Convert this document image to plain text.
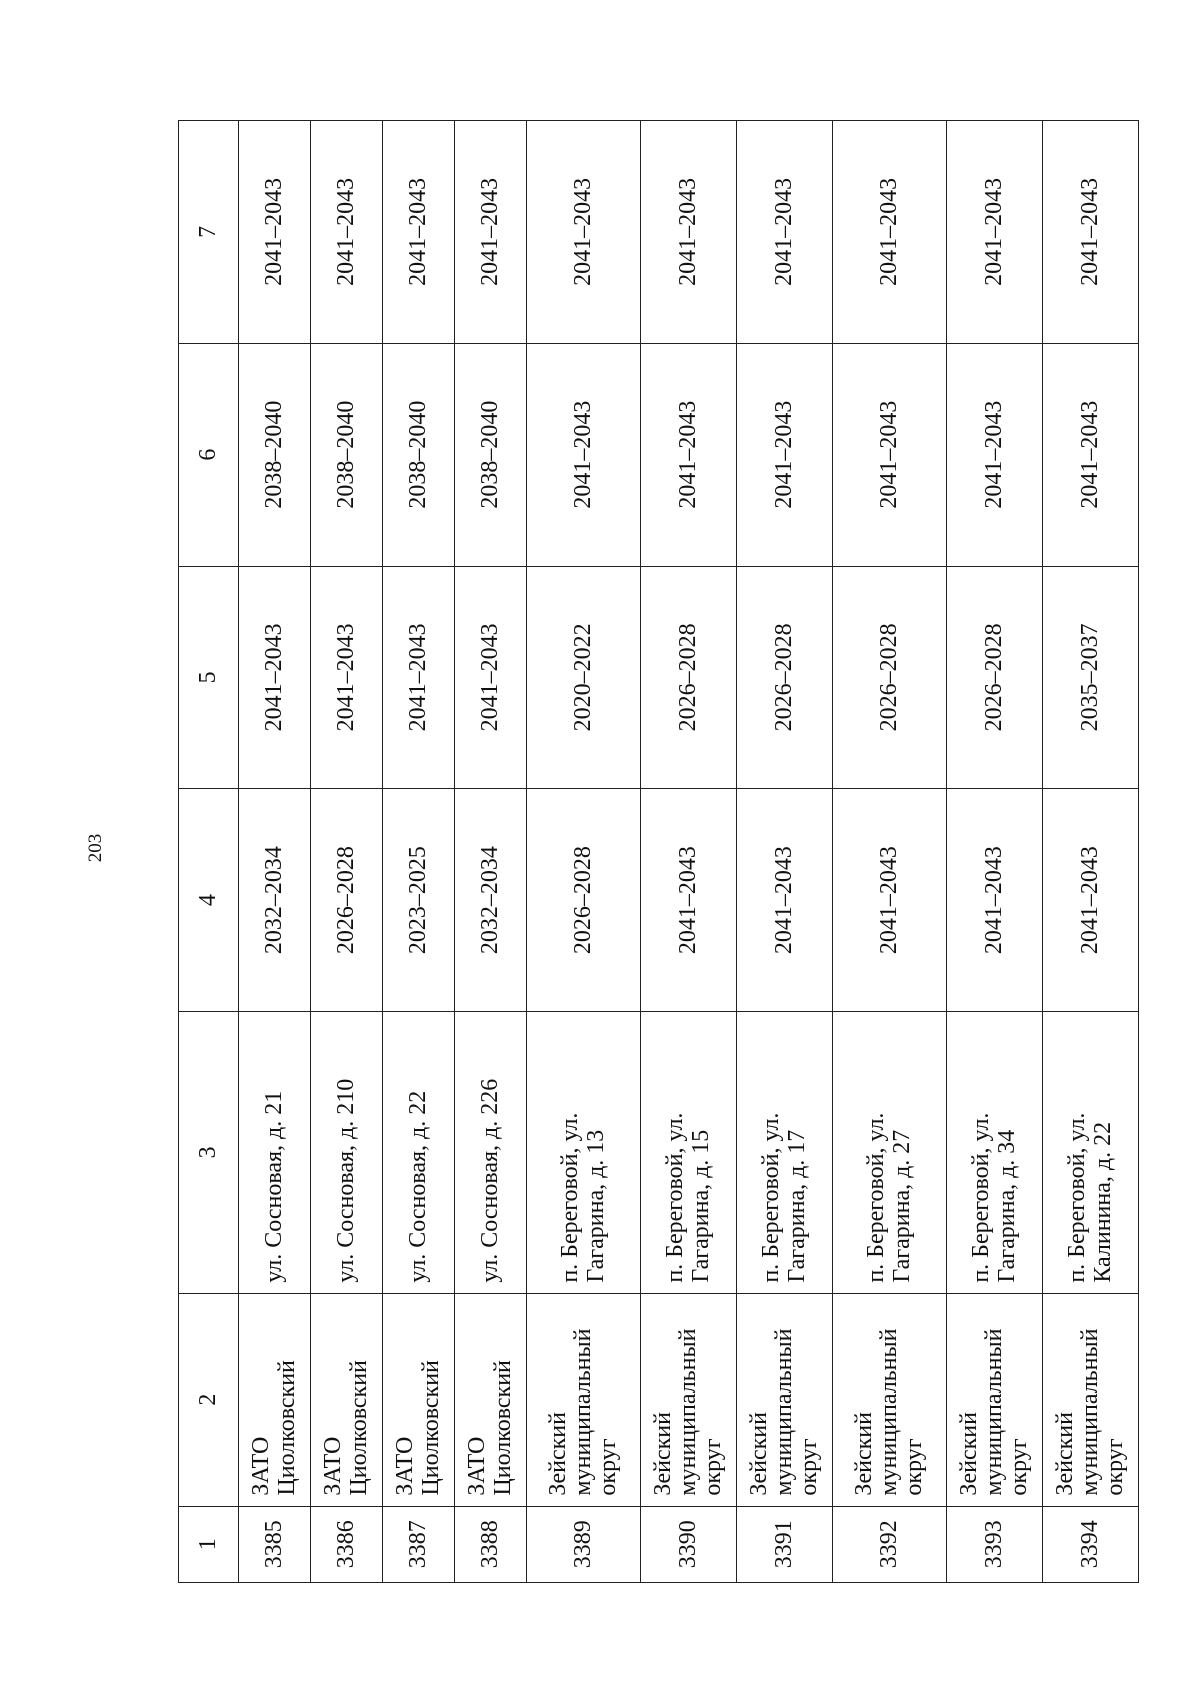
203
1	2	3	4	5	6	7
3385	ЗАТО Циолковский	ул. Сосновая, д. 21	2032–2034	2041–2043	2038–2040	2041–2043
3386	ЗАТО Циолковский	ул. Сосновая, д. 210	2026–2028	2041–2043	2038–2040	2041–2043
3387	ЗАТО Циолковский	ул. Сосновая, д. 22	2023–2025	2041–2043	2038–2040	2041–2043
3388	ЗАТО Циолковский	ул. Сосновая, д. 226	2032–2034	2041–2043	2038–2040	2041–2043
3389	Зейский муниципальный округ	п. Береговой, ул. Гагарина, д. 13	2026–2028	2020–2022	2041–2043	2041–2043
3390	Зейский муниципальный округ	п. Береговой, ул. Гагарина, д. 15	2041–2043	2026–2028	2041–2043	2041–2043
3391	Зейский муниципальный округ	п. Береговой, ул. Гагарина, д. 17	2041–2043	2026–2028	2041–2043	2041–2043
3392	Зейский муниципальный округ	п. Береговой, ул. Гагарина, д. 27	2041–2043	2026–2028	2041–2043	2041–2043
3393	Зейский муниципальный округ	п. Береговой, ул. Гагарина, д. 34	2041–2043	2026–2028	2041–2043	2041–2043
3394	Зейский муниципальный округ	п. Береговой, ул. Калинина, д. 22	2041–2043	2035–2037	2041–2043	2041–2043
